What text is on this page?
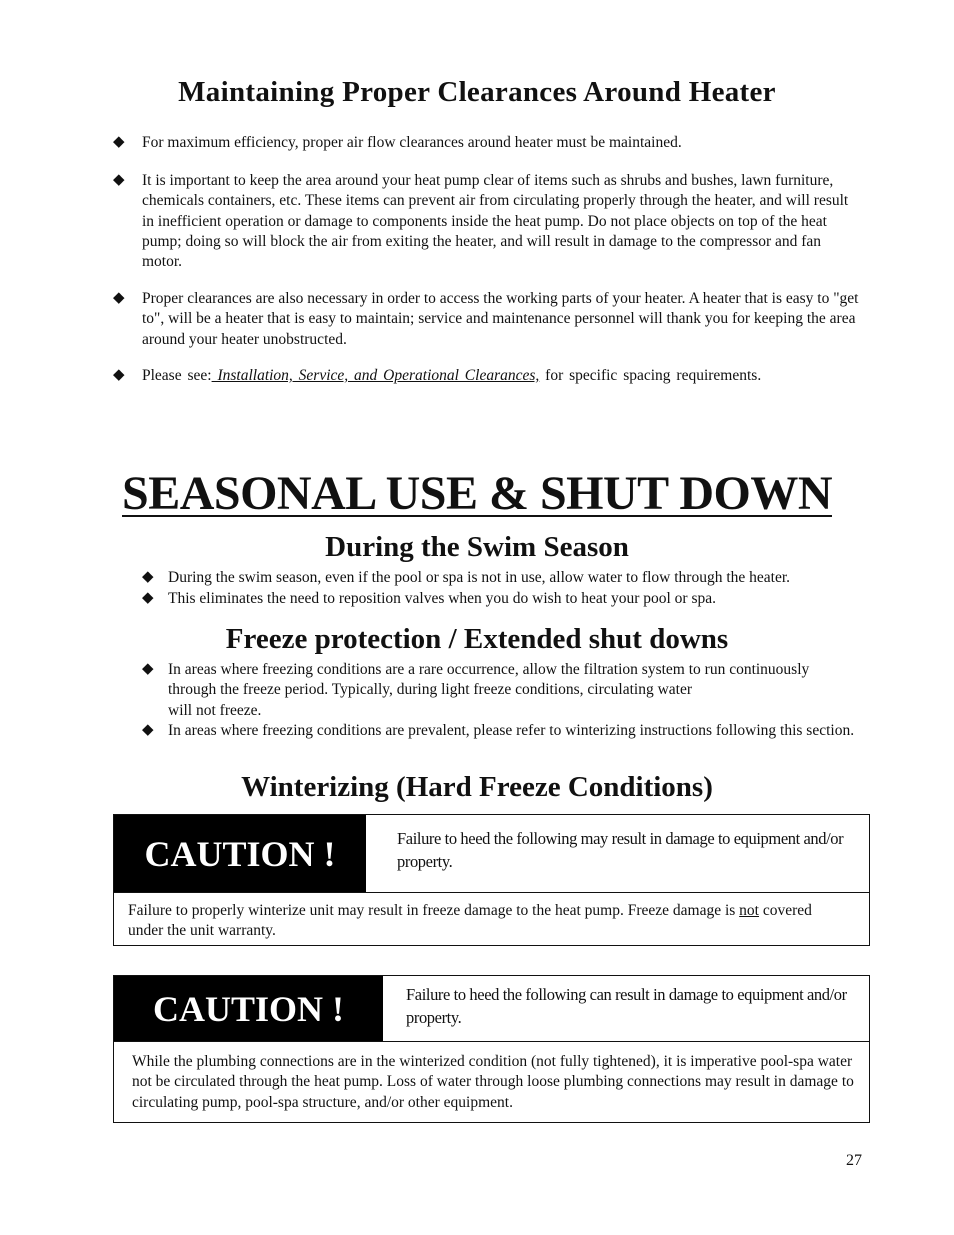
Maintaining Proper Clearances Around Heater
◆ For maximum efficiency, proper air flow clearances around heater must be maintained.
◆ It is important to keep the area around your heat pump clear of items such as shrubs and bushes, lawn furniture, chemicals containers, etc. These items can prevent air from circulating properly through the heater, and will result in inefficient operation or damage to components inside the heat pump. Do not place objects on top of the heat pump; doing so will block the air from exiting the heater, and will result in damage to the compressor and fan motor.
◆ Proper clearances are also necessary in order to access the working parts of your heater. A heater that is easy to "get to", will be a heater that is easy to maintain; service and maintenance personnel will thank you for keeping the area around your heater unobstructed.
◆ Please see: Installation, Service, and Operational Clearances, for specific spacing requirements.
SEASONAL USE & SHUT DOWN
During the Swim Season
◆ During the swim season, even if the pool or spa is not in use, allow water to flow through the heater.
◆ This eliminates the need to reposition valves when you do wish to heat your pool or spa.
Freeze protection / Extended shut downs
◆ In areas where freezing conditions are a rare occurrence, allow the filtration system to run continuously
through the freeze period. Typically, during light freeze conditions, circulating water
will not freeze.
◆ In areas where freezing conditions are prevalent, please refer to winterizing instructions following this section.
Winterizing (Hard Freeze Conditions)
CAUTION !	Failure to heed the following may result in damage to equipment and/or property.
Failure to properly winterize unit may result in freeze damage to the heat pump. Freeze damage is not covered under the unit warranty.
CAUTION !	Failure to heed the following can result in damage to equipment and/or property.
While the plumbing connections are in the winterized condition (not fully tightened), it is imperative pool-spa water not be circulated through the heat pump. Loss of water through loose plumbing connections may result in damage to circulating pump, pool-spa structure, and/or other equipment.
27
